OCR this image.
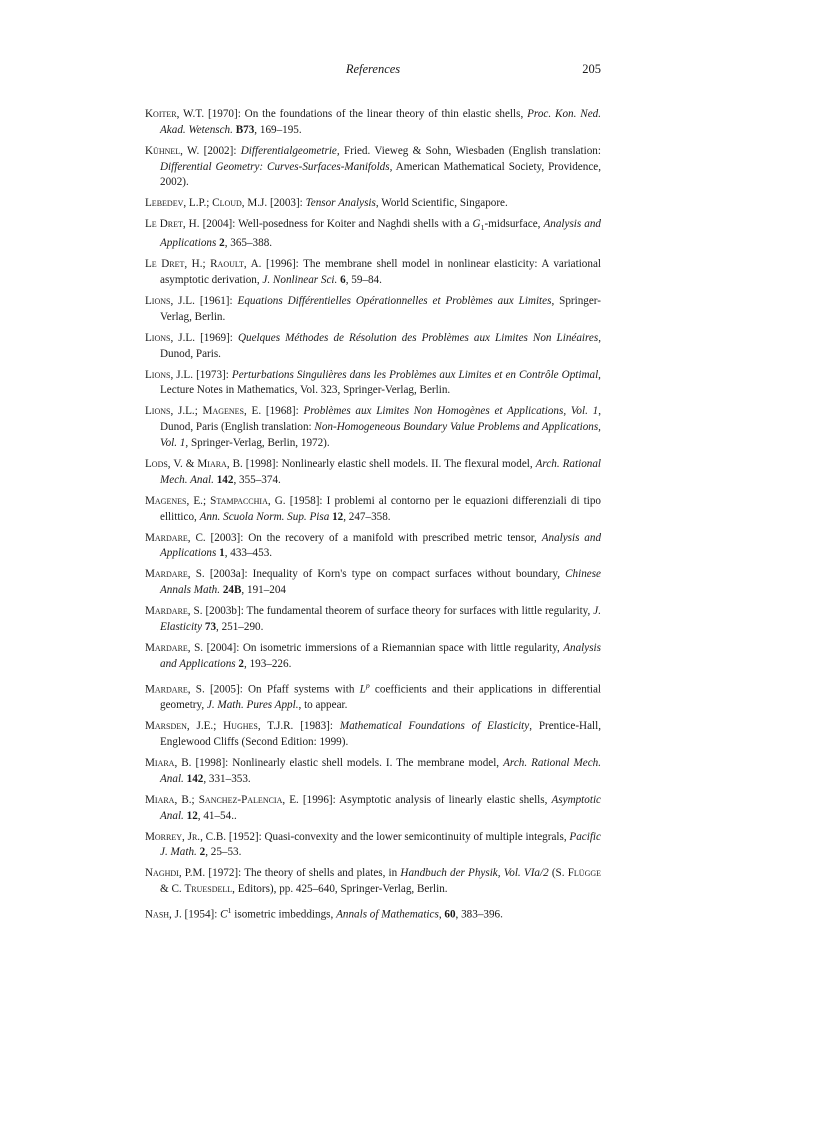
References	205

Koiter, W.T. [1970]: On the foundations of the linear theory of thin elastic shells, Proc. Kon. Ned. Akad. Wetensch. B73, 169–195.

Kühnel, W. [2002]: Differentialgeometrie, Fried. Vieweg & Sohn, Wiesbaden (English translation: Differential Geometry: Curves-Surfaces-Manifolds, American Mathematical Society, Providence, 2002).

Lebedev, L.P.; Cloud, M.J. [2003]: Tensor Analysis, World Scientific, Singapore.

Le Dret, H. [2004]: Well-posedness for Koiter and Naghdi shells with a $G_1$-midsurface, Analysis and Applications 2, 365–388.

Le Dret, H.; Raoult, A. [1996]: The membrane shell model in nonlinear elasticity: A variational asymptotic derivation, J. Nonlinear Sci. 6, 59–84.

Lions, J.L. [1961]: Equations Différentielles Opérationnelles et Problèmes aux Limites, Springer-Verlag, Berlin.

Lions, J.L. [1969]: Quelques Méthodes de Résolution des Problèmes aux Limites Non Linéaires, Dunod, Paris.

Lions, J.L. [1973]: Perturbations Singulières dans les Problèmes aux Limites et en Contrôle Optimal, Lecture Notes in Mathematics, Vol. 323, Springer-Verlag, Berlin.

Lions, J.L.; Magenes, E. [1968]: Problèmes aux Limites Non Homogènes et Applications, Vol. 1, Dunod, Paris (English translation: Non-Homogeneous Boundary Value Problems and Applications, Vol. 1, Springer-Verlag, Berlin, 1972).

Lods, V. & Miara, B. [1998]: Nonlinearly elastic shell models. II. The flexural model, Arch. Rational Mech. Anal. 142, 355–374.

Magenes, E.; Stampacchia, G. [1958]: I problemi al contorno per le equazioni differenziali di tipo ellittico, Ann. Scuola Norm. Sup. Pisa 12, 247–358.

Mardare, C. [2003]: On the recovery of a manifold with prescribed metric tensor, Analysis and Applications 1, 433–453.

Mardare, S. [2003a]: Inequality of Korn's type on compact surfaces without boundary, Chinese Annals Math. 24B, 191–204

Mardare, S. [2003b]: The fundamental theorem of surface theory for surfaces with little regularity, J. Elasticity 73, 251–290.

Mardare, S. [2004]: On isometric immersions of a Riemannian space with little regularity, Analysis and Applications 2, 193–226.

Mardare, S. [2005]: On Pfaff systems with $L^p$ coefficients and their applications in differential geometry, J. Math. Pures Appl., to appear.

Marsden, J.E.; Hughes, T.J.R. [1983]: Mathematical Foundations of Elasticity, Prentice-Hall, Englewood Cliffs (Second Edition: 1999).

Miara, B. [1998]: Nonlinearly elastic shell models. I. The membrane model, Arch. Rational Mech. Anal. 142, 331–353.

Miara, B.; Sanchez-Palencia, E. [1996]: Asymptotic analysis of linearly elastic shells, Asymptotic Anal. 12, 41–54..

Morrey, Jr., C.B. [1952]: Quasi-convexity and the lower semicontinuity of multiple integrals, Pacific J. Math. 2, 25–53.

Naghdi, P.M. [1972]: The theory of shells and plates, in Handbuch der Physik, Vol. VIa/2 (S. Flügge & C. Truesdell, Editors), pp. 425–640, Springer-Verlag, Berlin.

Nash, J. [1954]: $C^1$ isometric imbeddings, Annals of Mathematics, 60, 383–396.
